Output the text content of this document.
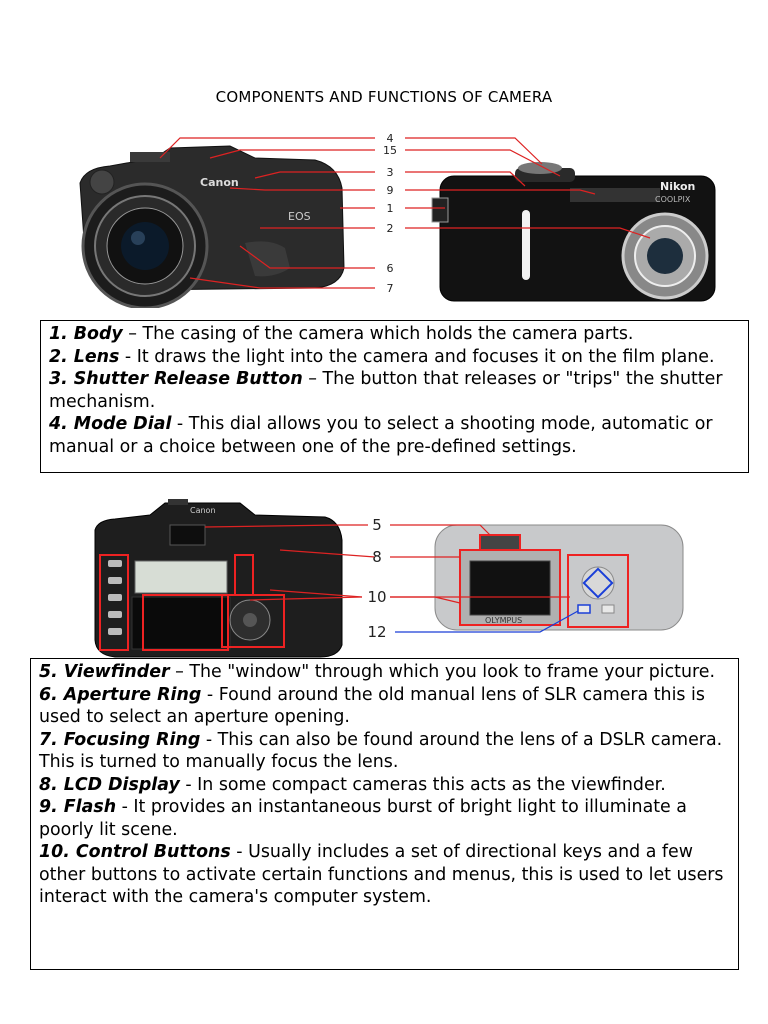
COMPONENTS AND FUNCTIONS OF CAMERA
Canon
EOS
Nikon
COOLPIX
4
15
3
9
1
2
6
7

1. Body – The casing of the camera which holds the camera parts.

2. Lens - It draws the light into the camera and focuses it on the film plane.

3. Shutter Release Button – The button that releases or "trips" the shutter mechanism.

4. Mode Dial - This dial allows you to select a shooting mode, automatic or manual or a choice between one of the pre-defined settings.

Canon
OLYMPUS
5
8
10
12

5. Viewfinder – The "window" through which you look to frame your picture.

6. Aperture Ring - Found around the old manual lens of SLR camera this is used to select an aperture opening.

7. Focusing Ring - This can also be found around the lens of a DSLR camera. This is turned to manually focus the lens.

8. LCD Display - In some compact cameras this acts as the viewfinder.

9. Flash - It provides an instantaneous burst of bright light to illuminate a poorly lit scene.

10. Control Buttons - Usually includes a set of directional keys and a few other buttons to activate certain functions and menus, this is used to let users interact with the camera's computer system.
